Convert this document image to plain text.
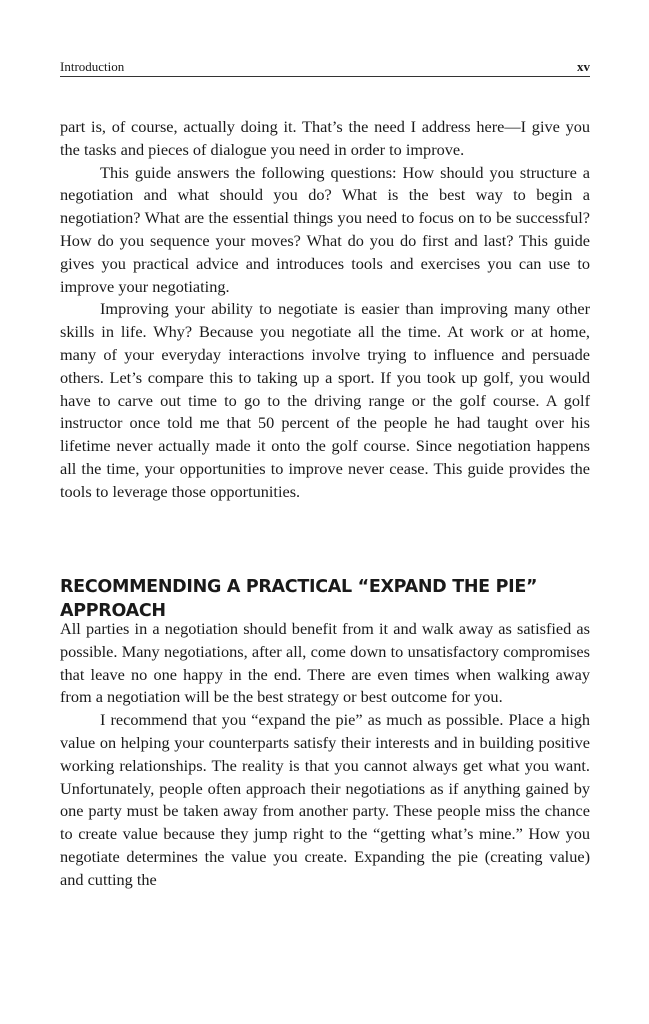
Introduction	xv

part is, of course, actually doing it. That’s the need I address here—I give you the tasks and pieces of dialogue you need in order to improve.

This guide answers the following questions: How should you structure a negotiation and what should you do? What is the best way to begin a negotiation? What are the essential things you need to focus on to be successful? How do you sequence your moves? What do you do first and last? This guide gives you practical advice and introduces tools and exercises you can use to improve your negotiating.

Improving your ability to negotiate is easier than improving many other skills in life. Why? Because you negotiate all the time. At work or at home, many of your everyday interactions involve trying to influence and persuade others. Let’s compare this to taking up a sport. If you took up golf, you would have to carve out time to go to the driving range or the golf course. A golf instructor once told me that 50 percent of the people he had taught over his lifetime never actually made it onto the golf course. Since negotiation happens all the time, your opportunities to improve never cease. This guide provides the tools to leverage those opportunities.

RECOMMENDING A PRACTICAL “EXPAND THE PIE” APPROACH

All parties in a negotiation should benefit from it and walk away as satisfied as possible. Many negotiations, after all, come down to unsatisfactory compromises that leave no one happy in the end. There are even times when walking away from a negotiation will be the best strategy or best outcome for you.

I recommend that you “expand the pie” as much as possible. Place a high value on helping your counterparts satisfy their interests and in building positive working relationships. The reality is that you cannot always get what you want. Unfortunately, people often approach their negotiations as if anything gained by one party must be taken away from another party. These people miss the chance to create value because they jump right to the “getting what’s mine.” How you negotiate determines the value you create. Expanding the pie (creating value) and cutting the
